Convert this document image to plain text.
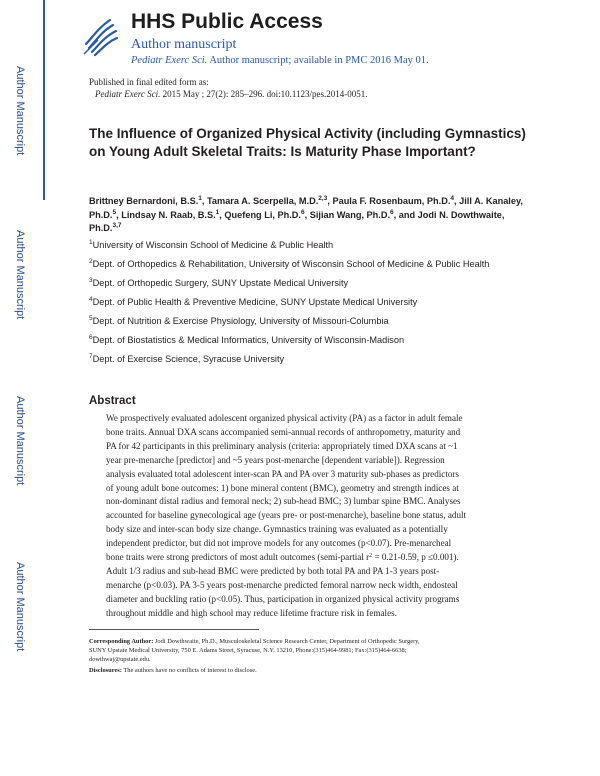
Author Manuscript
Author Manuscript
Author Manuscript
Author Manuscript
HHS Public Access
Author manuscript
Pediatr Exerc Sci. Author manuscript; available in PMC 2016 May 01.
Published in final edited form as:
Pediatr Exerc Sci. 2015 May ; 27(2): 285–296. doi:10.1123/pes.2014-0051.
The Influence of Organized Physical Activity (including Gymnastics) on Young Adult Skeletal Traits: Is Maturity Phase Important?
Brittney Bernardoni, B.S.$^1$, Tamara A. Scerpella, M.D.$^{2,3}$, Paula F. Rosenbaum, Ph.D.$^4$, Jill A. Kanaley, Ph.D.$^5$, Lindsay N. Raab, B.S.$^1$, Quefeng Li, Ph.D.$^6$, Sijian Wang, Ph.D.$^6$, and Jodi N. Dowthwaite, Ph.D.$^{3,7}$
$^1$University of Wisconsin School of Medicine & Public Health
$^2$Dept. of Orthopedics & Rehabilitation, University of Wisconsin School of Medicine & Public Health
$^3$Dept. of Orthopedic Surgery, SUNY Upstate Medical University
$^4$Dept. of Public Health & Preventive Medicine, SUNY Upstate Medical University
$^5$Dept. of Nutrition & Exercise Physiology, University of Missouri-Columbia
$^6$Dept. of Biostatistics & Medical Informatics, University of Wisconsin-Madison
$^7$Dept. of Exercise Science, Syracuse University
Abstract
We prospectively evaluated adolescent organized physical activity (PA) as a factor in adult female
bone traits. Annual DXA scans accompanied semi-annual records of anthropometry, maturity and
PA for 42 participants in this preliminary analysis (criteria: appropriately timed DXA scans at ~1
year pre-menarche [predictor] and ~5 years post-menarche [dependent variable]). Regression
analysis evaluated total adolescent inter-scan PA and PA over 3 maturity sub-phases as predictors
of young adult bone outcomes: 1) bone mineral content (BMC), geometry and strength indices at
non-dominant distal radius and femoral neck; 2) sub-head BMC; 3) lumbar spine BMC. Analyses
accounted for baseline gynecological age (years pre- or post-menarche), baseline bone status, adult
body size and inter-scan body size change. Gymnastics training was evaluated as a potentially
independent predictor, but did not improve models for any outcomes (p<0.07). Pre-menarcheal
bone traits were strong predictors of most adult outcomes (semi-partial $r^2 = 0.21-0.59$, p ≤0.001).
Adult 1/3 radius and sub-head BMC were predicted by both total PA and PA 1-3 years post-
menarche (p<0.03). PA 3-5 years post-menarche predicted femoral narrow neck width, endosteal
diameter and buckling ratio (p<0.05). Thus, participation in organized physical activity programs
throughout middle and high school may reduce lifetime fracture risk in females.
Corresponding Author: Jodi Dowthwaite, Ph.D., Musculoskeletal Science Research Center, Department of Orthopedic Surgery,
SUNY Upstate Medical University, 750 E. Adams Street, Syracuse, N.Y. 13210, Phone:(315)464-9981; Fax:(315)464-6638;
dowthwaj@upstate.edu.
Disclosures: The authors have no conflicts of interest to disclose.
